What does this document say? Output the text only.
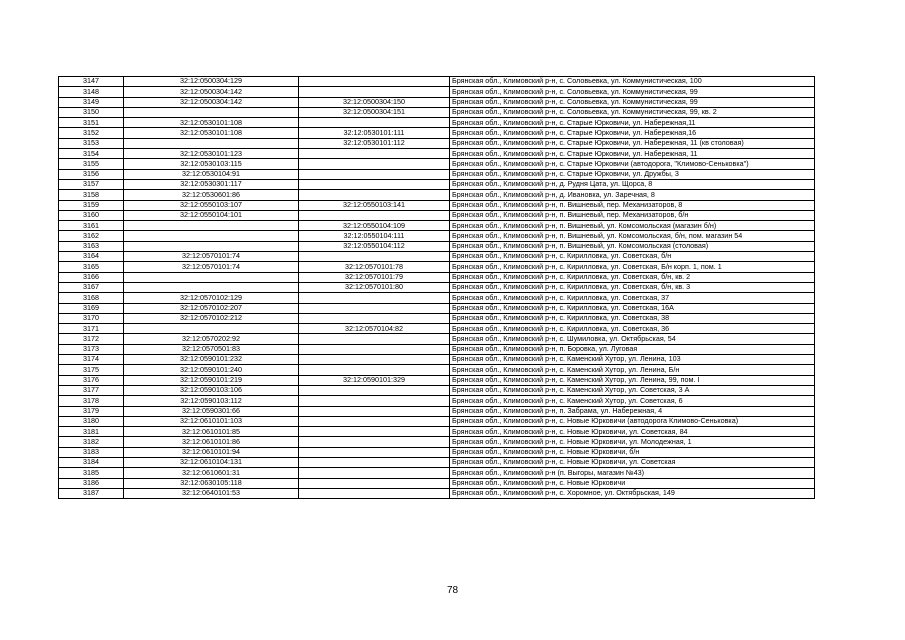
3147	32:12:0500304:129		Брянская обл., Климовский р-н, с. Соловьевка, ул. Коммунистическая, 100
3148	32:12:0500304:142		Брянская обл., Климовский р-н, с. Соловьевка, ул. Коммунистическая, 99
3149	32:12:0500304:142	32:12:0500304:150	Брянская обл., Климовский р-н, с. Соловьевка, ул. Коммунистическая, 99
3150		32:12:0500304:151	Брянская обл., Климовский р-н, с. Соловьевка, ул. Коммунистическая, 99, кв. 2
3151	32:12:0530101:108		Брянская обл., Климовский р-н, с. Старые Юрковичи, ул. Набережная,11
3152	32:12:0530101:108	32:12:0530101:111	Брянская обл., Климовский р-н, с. Старые Юрковичи, ул. Набережная,16
3153		32:12:0530101:112	Брянская обл., Климовский р-н, с. Старые Юрковичи, ул. Набережная, 11 (кв столовая)
3154	32:12:0530101:123		Брянская обл., Климовский р-н, с. Старые Юрковичи, ул. Набережная, 11
3155	32:12:0530103:115		Брянская обл., Климовский р-н, с. Старые Юрковичи (автодорога, "Климово-Сеньковка")
3156	32:12:0530104:91		Брянская обл., Климовский р-н, с. Старые Юрковичи, ул. Дружбы, 3
3157	32:12:0530301:117		Брянская обл., Климовский р-н, д. Рудня Цата, ул. Щорса, 8
3158	32:12:0530601:86		Брянская обл., Климовский р-н, д. Ивановка, ул. Заречная, 8
3159	32:12:0550103:107	32:12:0550103:141	Брянская обл., Климовский р-н, п. Вишневый, пер. Механизаторов, 8
3160	32:12:0550104:101		Брянская обл., Климовский р-н, п. Вишневый, пер. Механизаторов, б/н
3161		32:12:0550104:109	Брянская обл., Климовский р-н, п. Вишневый, ул. Комсомольская (магазин б/н)
3162		32:12:0550104:111	Брянская обл., Климовский р-н, п. Вишневый, ул. Комсомольская, б/н, пом. магазин 54
3163		32:12:0550104:112	Брянская обл., Климовский р-н, п. Вишневый, ул. Комсомольская (столовая)
3164	32:12:0570101:74		Брянская обл., Климовский р-н, с. Кирилловка, ул. Советская, б/н
3165	32:12:0570101:74	32:12:0570101:78	Брянская обл., Климовский р-н, с. Кирилловка, ул. Советская, Б/н корп. 1, пом. 1
3166		32:12:0570101:79	Брянская обл., Климовский р-н, с. Кирилловка, ул. Советская, б/н, кв. 2
3167		32:12:0570101:80	Брянская обл., Климовский р-н, с. Кирилловка, ул. Советская, б/н, кв. 3
3168	32:12:0570102:129		Брянская обл., Климовский р-н, с. Кирилловка, ул. Советская, 37
3169	32:12:0570102:207		Брянская обл., Климовский р-н, с. Кирилловка, ул. Советская, 16А
3170	32:12:0570102:212		Брянская обл., Климовский р-н, с. Кирилловка, ул. Советская, 38
3171		32:12:0570104:82	Брянская обл., Климовский р-н, с. Кирилловка, ул. Советская, 36
3172	32:12:0570202:92		Брянская обл., Климовский р-н, с. Шумиловка, ул. Октябрьская, 54
3173	32:12:0570501:83		Брянская обл., Климовский р-н, п. Боровка, ул. Луговая
3174	32:12:0590101:232		Брянская обл., Климовский р-н, с. Каменский Хутор, ул. Ленина, 103
3175	32:12:0590101:240		Брянская обл., Климовский р-н, с. Каменский Хутор, ул. Ленина, Б/н
3176	32:12:0590101:219	32:12:0590101:329	Брянская обл., Климовский р-н, с. Каменский Хутор, ул. Ленина, 99, пом. I
3177	32:12:0590103:106		Брянская обл., Климовский р-н, с. Каменский Хутор, ул. Советская, 3 А
3178	32:12:0590103:112		Брянская обл., Климовский р-н, с. Каменский Хутор, ул. Советская, 6
3179	32:12:0590301:66		Брянская обл., Климовский р-н, п. Забрама, ул. Набережная, 4
3180	32:12:0610101:103		Брянская обл., Климовский р-н, с. Новые Юрковичи (автодорога Климово-Сеньковка)
3181	32:12:0610101:85		Брянская обл., Климовский р-н, с. Новые Юрковичи, ул. Советская, 84
3182	32:12:0610101:86		Брянская обл., Климовский р-н, с. Новые Юрковичи, ул. Молодежная, 1
3183	32:12:0610101:94		Брянская обл., Климовский р-н, с. Новые Юрковичи, б/н
3184	32:12:0610104:131		Брянская обл., Климовский р-н, с. Новые Юрковичи, ул. Советская
3185	32:12:0610601:31		Брянская обл., Климовский р-н (п. Выгоры, магазин №43)
3186	32:12:0630105:118		Брянская обл., Климовский р-н, с. Новые Юрковичи
3187	32:12:0640101:53		Брянская обл., Климовский р-н, с. Хоромное, ул. Октябрьская, 149
78
